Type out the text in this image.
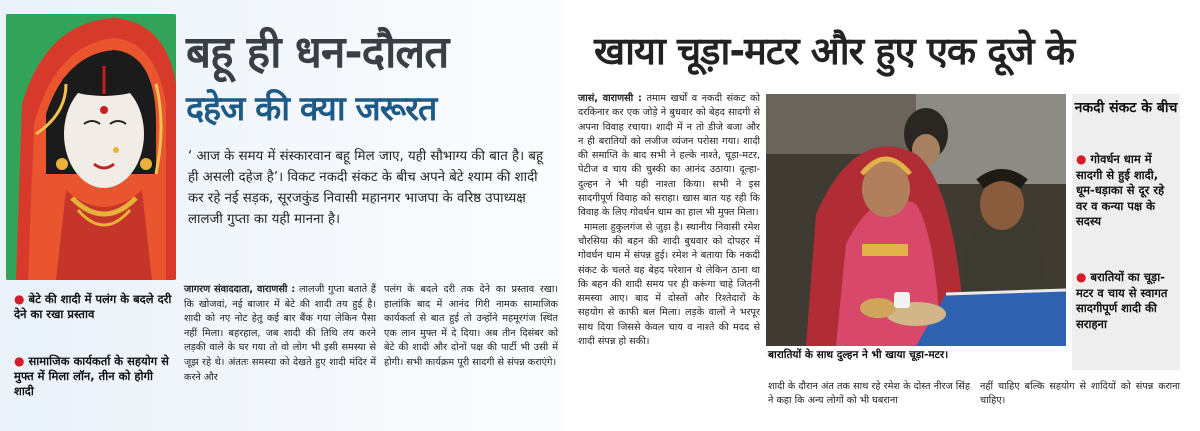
बहू ही धन-दौलत
दहेज की क्या जरूरत

‘ आज के समय में संस्कारवान बहू मिल जाए, यही सौभाग्य की बात है। बहू ही असली दहेज है’। विकट नकदी संकट के बीच अपने बेटे श्याम की शादी कर रहे नई सड़क, सूरजकुंड निवासी महानगर भाजपा के वरिष्ठ उपाध्यक्ष लालजी गुप्ता का यही मानना है।

● बेटे की शादी में पलंग के बदले दरी देने का रखा प्रस्ताव

● सामाजिक कार्यकर्ता के सहयोग से मुफ्त में मिला लॉन, तीन को होगी शादी

जागरण संवाददाता, वाराणसी : लालजी गुप्ता बताते हैं कि खोजवां, नई बाजार में बेटे की शादी तय हुई है। शादी को नए नोट हेतु कई बार बैंक गया लेकिन पैसा नहीं मिला। बहरहाल, जब शादी की तिथि तय करने लड़की वाले के घर गया तो वो लोग भी इसी समस्या से जूझ रहे थे। अंततः समस्या को देखते हुए शादी मंदिर में करने और

पलंग के बदले दरी तक देने का प्रस्ताव रखा। हालांकि बाद में आनंद गिरी नामक सामाजिक कार्यकर्ता से बात हुई तो उन्होंने महमूरगंज स्थित एक लान मुफ्त में दे दिया। अब तीन दिसंबर को बेटे की शादी और दोनों पक्ष की पार्टी भी उसी में होगी। सभी कार्यक्रम पूरी सादगी से संपन्न कराएंगे।

खाया चूड़ा-मटर और हुए एक दूजे के

जासं, वाराणसी : तमाम खर्चों व नकदी संकट को दरकिनार कर एक जोड़े ने बुधवार को बेहद सादगी से अपना विवाह रचाया। शादी में न तो डीजे बजा और न ही बरातियों को लजीज व्यंजन परोसा गया। शादी की समाप्ति के बाद सभी ने हल्के नाश्ते, चूड़ा-मटर, पेटीज व चाय की चुस्की का आनंद उठाया। दूल्हा-दुल्हन ने भी यही नाश्ता किया। सभी ने इस सादगीपूर्ण विवाह को सराहा। खास बात यह रही कि विवाह के लिए गोवर्धन धाम का हाल भी मुफ्त मिला।

मामला हुकुलगंज से जुड़ा है। स्थानीय निवासी रमेश चौरसिया की बहन की शादी बुधवार को दोपहर में गोवर्धन धाम में संपन्न हुई। रमेश ने बताया कि नकदी संकट के चलते वह बेहद परेशान थे लेकिन ठाना था कि बहन की शादी समय पर ही करूंगा चाहे जितनी समस्या आए। बाद में दोस्तों और रिश्तेदारों के सहयोग से काफी बल मिला। लड़के वालों ने भरपूर साथ दिया जिससे केवल चाय व नाश्ते की मदद से शादी संपन्न हो सकी।

बारातियों के साथ दुल्हन ने भी खाया चूड़ा-मटर।

नकदी संकट के बीच

● गोवर्धन धाम में सादगी से हुई शादी, धूम-धड़ाका से दूर रहे वर व कन्या पक्ष के सदस्य

● बरातियों का चूड़ा-मटर व चाय से स्वागत सादगीपूर्ण शादी की सराहना

शादी के दौरान अंत तक साथ रहे रमेश के दोस्त नीरज सिंह ने कहा कि अन्य लोगों को भी घबराना

नहीं चाहिए बल्कि सहयोग से शादियों को संपन्न कराना चाहिए।
